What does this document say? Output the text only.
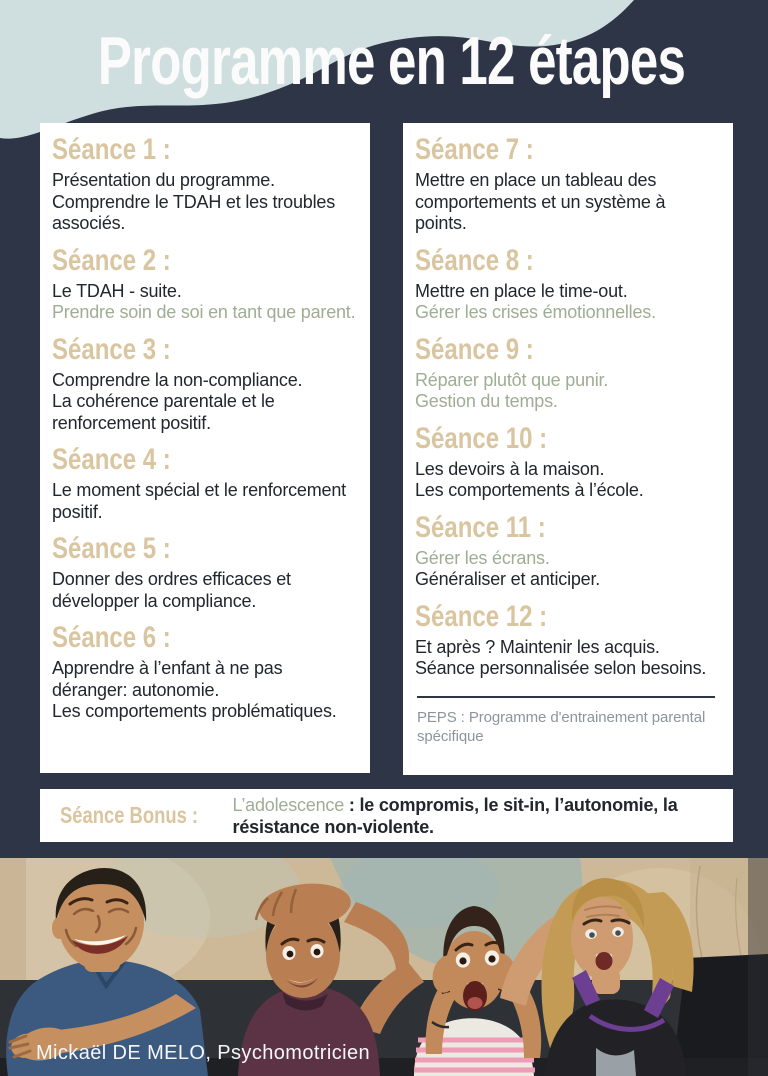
Programme en 12 étapes
Séance 1 :

Présentation du programme.

Comprendre le TDAH et les troubles associés.

Séance 2 :

Le TDAH - suite.

Prendre soin de soi en tant que parent.

Séance 3 :

Comprendre la non-compliance.

La cohérence parentale et le renforcement positif.

Séance 4 :

Le moment spécial et le renforcement positif.

Séance 5 :

Donner des ordres efficaces et développer la compliance.

Séance 6 :

Apprendre à l’enfant à ne pas déranger: autonomie.

Les comportements problématiques.

Séance 7 :

Mettre en place un tableau des comportements et un système à points.

Séance 8 :

Mettre en place le time-out.

Gérer les crises émotionnelles.

Séance 9 :

Réparer plutôt que punir.

Gestion du temps.

Séance 10 :

Les devoirs à la maison.

Les comportements à l’école.

Séance 11 :

Gérer les écrans.

Généraliser et anticiper.

Séance 12 :

Et après ? Maintenir les acquis.

Séance personnalisée selon besoins.

PEPS : Programme d'entrainement parental spécifique

Séance Bonus : L’adolescence : le compromis, le sit-in, l’autonomie, la résistance non-violente.

Mickaël DE MELO, Psychomotricien
